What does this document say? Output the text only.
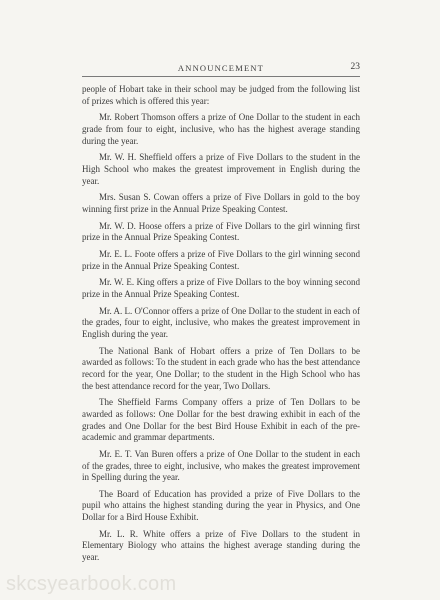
ANNOUNCEMENT	23

people of Hobart take in their school may be judged from the following list of prizes which is offered this year:

Mr. Robert Thomson offers a prize of One Dollar to the student in each grade from four to eight, inclusive, who has the highest average standing during the year.

Mr. W. H. Sheffield offers a prize of Five Dollars to the student in the High School who makes the greatest improvement in English during the year.

Mrs. Susan S. Cowan offers a prize of Five Dollars in gold to the boy winning first prize in the Annual Prize Speaking Contest.

Mr. W. D. Hoose offers a prize of Five Dollars to the girl winning first prize in the Annual Prize Speaking Contest.

Mr. E. L. Foote offers a prize of Five Dollars to the girl winning second prize in the Annual Prize Speaking Contest.

Mr. W. E. King offers a prize of Five Dollars to the boy winning second prize in the Annual Prize Speaking Contest.

Mr. A. L. O'Connor offers a prize of One Dollar to the student in each of the grades, four to eight, inclusive, who makes the greatest improvement in English during the year.

The National Bank of Hobart offers a prize of Ten Dollars to be awarded as follows: To the student in each grade who has the best attendance record for the year, One Dollar; to the student in the High School who has the best attendance record for the year, Two Dollars.

The Sheffield Farms Company offers a prize of Ten Dollars to be awarded as follows: One Dollar for the best drawing exhibit in each of the grades and One Dollar for the best Bird House Exhibit in each of the pre-academic and grammar departments.

Mr. E. T. Van Buren offers a prize of One Dollar to the student in each of the grades, three to eight, inclusive, who makes the greatest improvement in Spelling during the year.

The Board of Education has provided a prize of Five Dollars to the pupil who attains the highest standing during the year in Physics, and One Dollar for a Bird House Exhibit.

Mr. L. R. White offers a prize of Five Dollars to the student in Elementary Biology who attains the highest average standing during the year.

skcsyearbook.com
